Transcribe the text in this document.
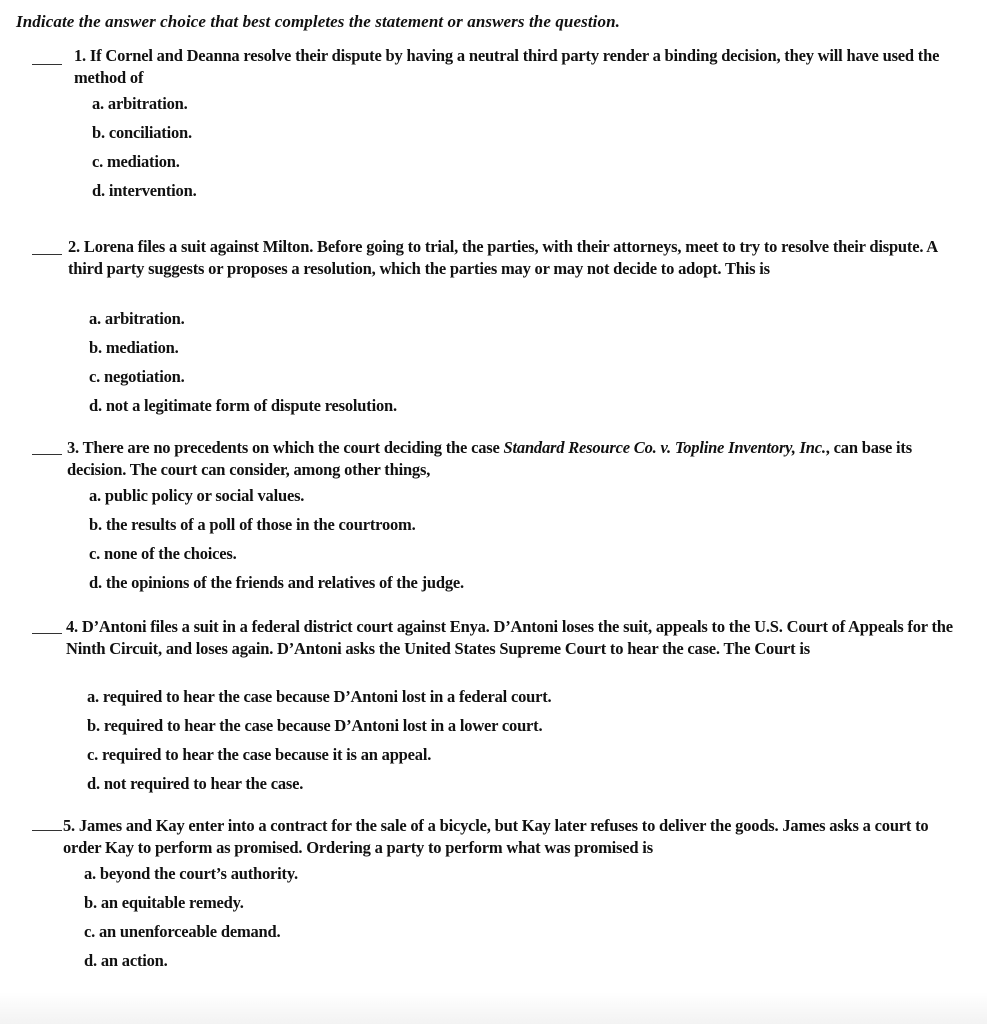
Indicate the answer choice that best completes the statement or answers the question.
1. If Cornel and Deanna resolve their dispute by having a neutral third party render a binding decision, they will have used the method of
a. arbitration.
b. conciliation.
c. mediation.
d. intervention.
2. Lorena files a suit against Milton. Before going to trial, the parties, with their attorneys, meet to try to resolve their dispute. A third party suggests or proposes a resolution, which the parties may or may not decide to adopt. This is
a. arbitration.
b. mediation.
c. negotiation.
d. not a legitimate form of dispute resolution.
3. There are no precedents on which the court deciding the case Standard Resource Co. v. Topline Inventory, Inc., can base its decision. The court can consider, among other things,
a. public policy or social values.
b. the results of a poll of those in the courtroom.
c. none of the choices.
d. the opinions of the friends and relatives of the judge.
4. D’Antoni files a suit in a federal district court against Enya. D’Antoni loses the suit, appeals to the U.S. Court of Appeals for the Ninth Circuit, and loses again. D’Antoni asks the United States Supreme Court to hear the case. The Court is
a. required to hear the case because D’Antoni lost in a federal court.
b. required to hear the case because D’Antoni lost in a lower court.
c. required to hear the case because it is an appeal.
d. not required to hear the case.
5. James and Kay enter into a contract for the sale of a bicycle, but Kay later refuses to deliver the goods. James asks a court to order Kay to perform as promised. Ordering a party to perform what was promised is
a. beyond the court’s authority.
b. an equitable remedy.
c. an unenforceable demand.
d. an action.
